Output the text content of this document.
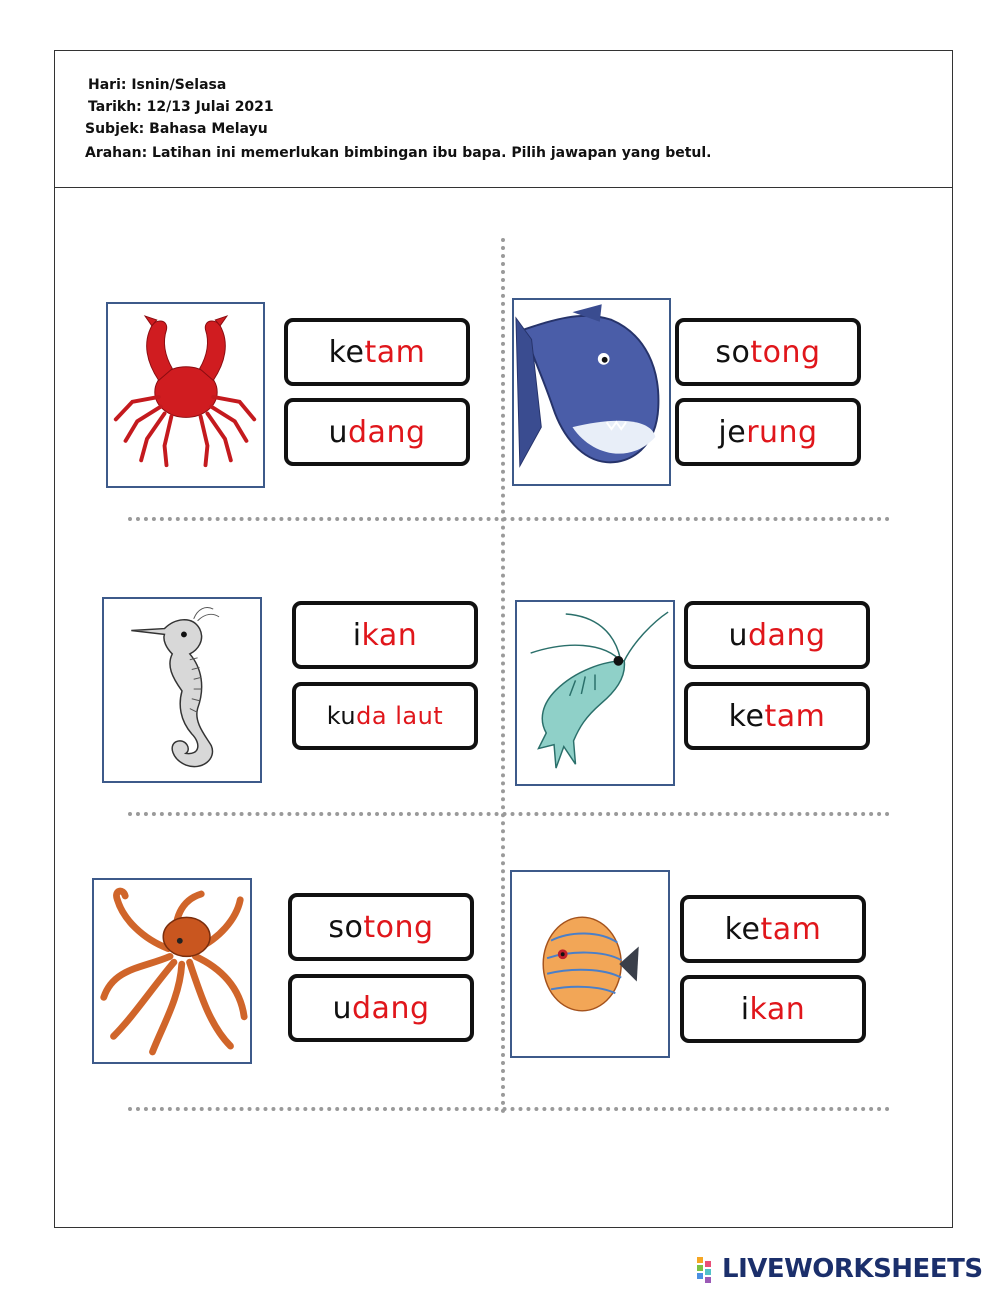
Hari: Isnin/Selasa
Tarikh: 12/13 Julai 2021
Subjek: Bahasa Melayu
Arahan: Latihan ini memerlukan bimbingan ibu bapa. Pilih jawapan yang betul.
ke tam
u dang
so tong
je rung
i kan
ku da laut
u dang
ke tam
so tong
u dang
ke tam
i kan
LIVEWORKSHEETS
